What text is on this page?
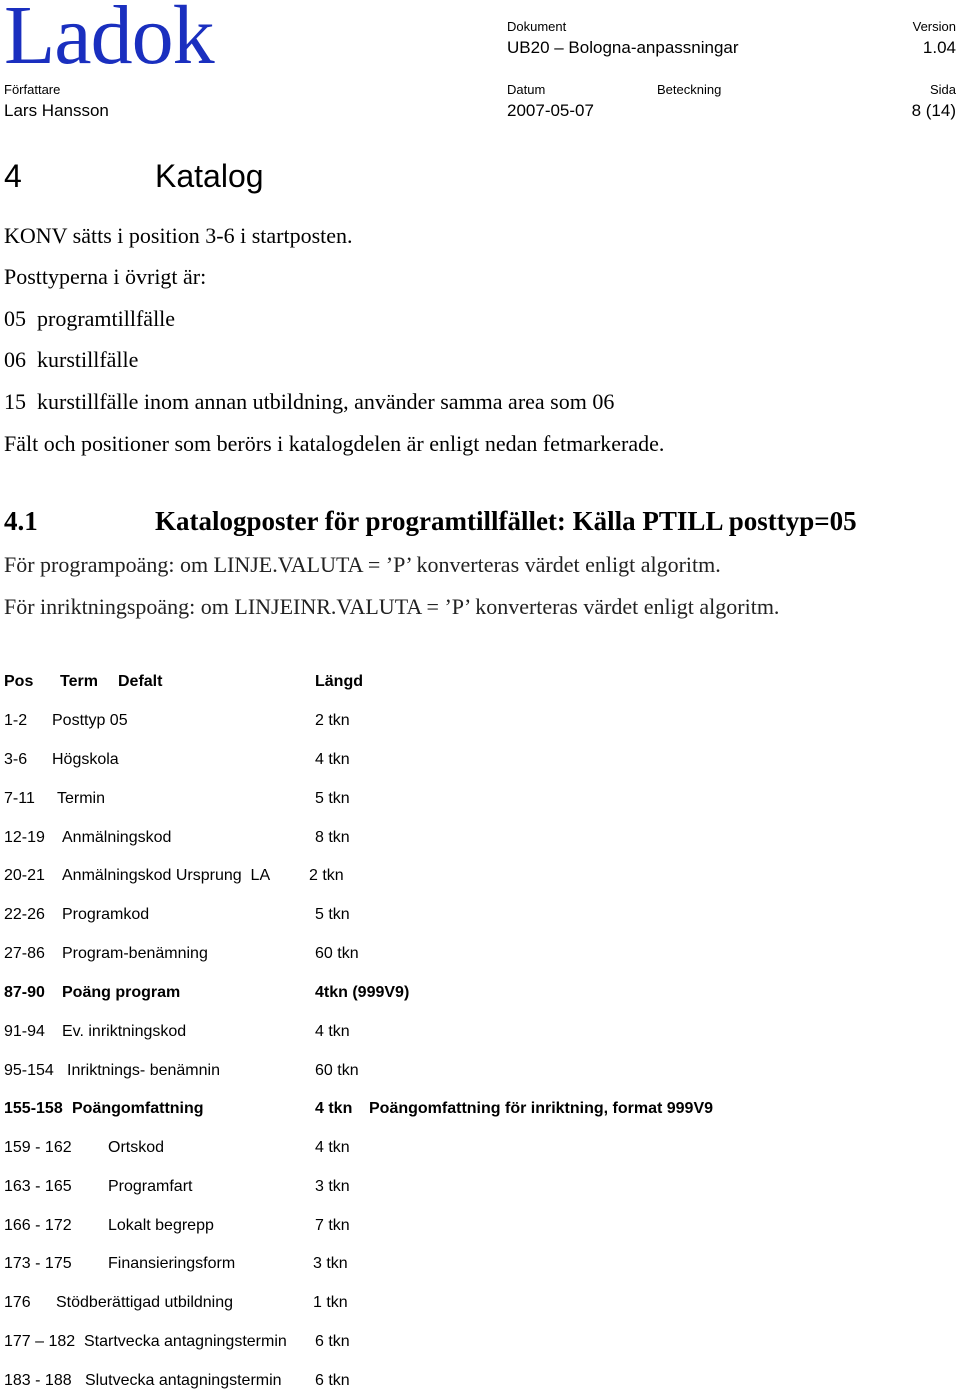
Ladok	Dokument
UB20 – Bologna-anpassningar
Version
1.04
Författare
Lars Hansson
Datum
2007-05-07
Beteckning	Sida
8 (14)
4	Katalog
KONV sätts i position 3-6 i startposten.
Posttyperna i övrigt är:
05  programtillfälle
06  kurstillfälle
15  kurstillfälle inom annan utbildning, använder samma area som 06
Fält och positioner som berörs i katalogdelen är enligt nedan fetmarkerade.
4.1	Katalogposter för programtillfället: Källa PTILL posttyp=05
För programpoäng: om LINJE.VALUTA = ’P’ konverteras värdet enligt algoritm.
För inriktningspoäng: om LINJEINR.VALUTA = ’P’ konverteras värdet enligt algoritm.
Pos Term Defalt	Längd
1-2 Posttyp 05	2 tkn
3-6 Högskola	4 tkn
7-11 Termin	5 tkn
12-19 Anmälningskod	8 tkn
20-21 Anmälningskod Ursprung  LA 2 tkn
22-26 Programkod	5 tkn
27-86 Program-benämning	60 tkn
87-90 Poäng program	4tkn (999V9)
91-94 Ev. inriktningskod	4 tkn
95-154 Inriktnings- benämnin	60 tkn
155-158 Poängomfattning	4 tkn Poängomfattning för inriktning, format 999V9
159 - 162 Ortskod	4 tkn
163 - 165 Programfart	3 tkn
166 - 172 Lokalt begrepp	7 tkn
173 - 175 Finansieringsform	3 tkn
176 Stödberättigad utbildning	1 tkn
177 – 182 Startvecka antagningstermin 6 tkn
183 - 188 Slutvecka antagningstermin 6 tkn
